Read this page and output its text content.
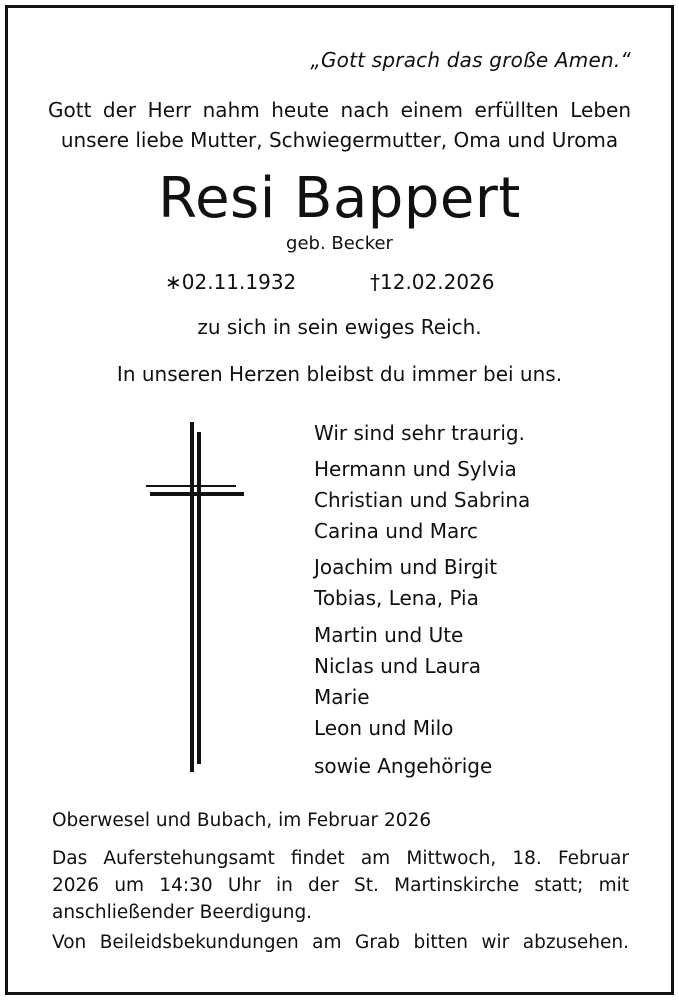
„Gott sprach das große Amen.“
Gott der Herr nahm heute nach einem erfüllten Leben
unsere liebe Mutter, Schwiegermutter, Oma und Uroma
Resi Bappert
geb. Becker
∗02.11.1932	†12.02.2026
zu sich in sein ewiges Reich.
In unseren Herzen bleibst du immer bei uns.
Wir sind sehr traurig.
Hermann und Sylvia
Christian und Sabrina
Carina und Marc
Joachim und Birgit
Tobias, Lena, Pia
Martin und Ute
Niclas und Laura
Marie
Leon und Milo
sowie Angehörige
Oberwesel und Bubach, im Februar 2026
Das Auferstehungsamt findet am Mittwoch, 18. Februar
2026 um 14:30 Uhr in der St. Martinskirche statt; mit
anschließender Beerdigung.
Von Beileidsbekundungen am Grab bitten wir abzusehen.
